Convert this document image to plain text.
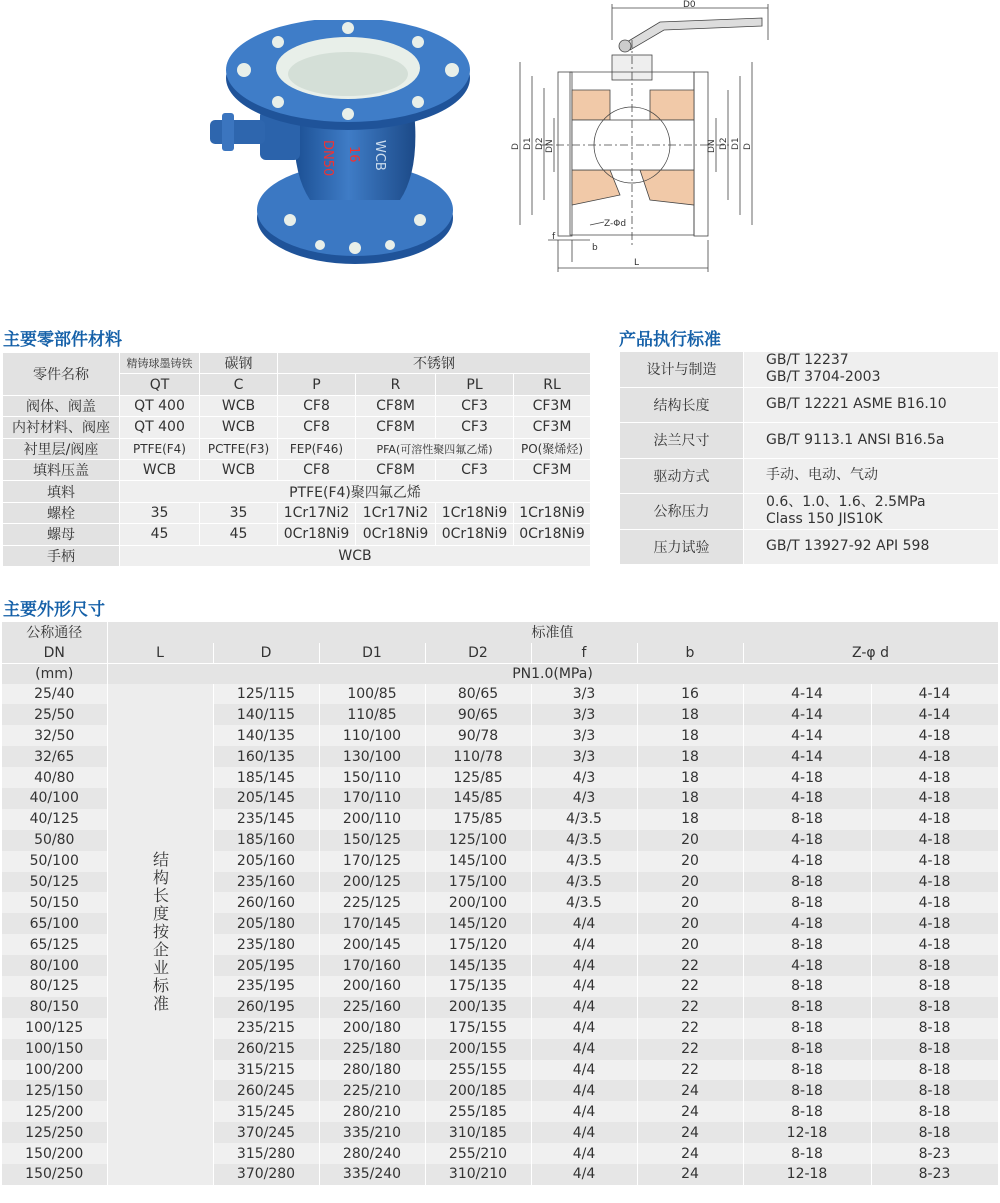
DN50 16 WCB
D0
D D1 D2 DN	DN D2 D1 D
Z-Φd
f
b
L
主要零部件材料	产品执行标准
主要外形尺寸
零件名称	精铸球墨铸铁	碳钢	不锈钢			
	QT	C	P	R	PL	RL
阀体、阀盖	QT 400	WCB	CF8	CF8M	CF3	CF3M
内衬材料、阀座	QT 400	WCB	CF8	CF8M	CF3	CF3M
衬里层/阀座	PTFE(F4)	PCTFE(F3)	FEP(F46)	PFA(可溶性聚四氟乙烯)		PO(聚烯烃)
填料压盖	WCB	WCB	CF8	CF8M	CF3	CF3M
填料	PTFE(F4)聚四氟乙烯					
螺栓	35	35	1Cr17Ni2	1Cr17Ni2	1Cr18Ni9	1Cr18Ni9
螺母	45	45	0Cr18Ni9	0Cr18Ni9	0Cr18Ni9	0Cr18Ni9
手柄	WCB					
设计与制造	GB/T 12237
GB/T 3704-2003

结构长度	GB/T 12221 ASME B16.10

法兰尺寸	GB/T 9113.1 ANSI B16.5a

驱动方式	手动、电动、气动

公称压力	0.6、1.0、1.6、2.5MPa
Class 150 JIS10K

压力试验	GB/T 13927-92 API 598
公称通径	标准值							
DN	L	D	D1	D2	f	b	Z-φ d	
(mm)	PN1.0(MPa)							
25/40	结构长度按企业标准	125/115	100/85	80/65	3/3	16	4-14	4-14
25/50		140/115	110/85	90/65	3/3	18	4-14	4-14
32/50		140/135	110/100	90/78	3/3	18	4-14	4-18
32/65		160/135	130/100	110/78	3/3	18	4-14	4-18
40/80		185/145	150/110	125/85	4/3	18	4-18	4-18
40/100		205/145	170/110	145/85	4/3	18	4-18	4-18
40/125		235/145	200/110	175/85	4/3.5	18	8-18	4-18
50/80		185/160	150/125	125/100	4/3.5	20	4-18	4-18
50/100		205/160	170/125	145/100	4/3.5	20	4-18	4-18
50/125		235/160	200/125	175/100	4/3.5	20	8-18	4-18
50/150		260/160	225/125	200/100	4/3.5	20	8-18	4-18
65/100		205/180	170/145	145/120	4/4	20	4-18	4-18
65/125		235/180	200/145	175/120	4/4	20	8-18	4-18
80/100		205/195	170/160	145/135	4/4	22	4-18	8-18
80/125		235/195	200/160	175/135	4/4	22	8-18	8-18
80/150		260/195	225/160	200/135	4/4	22	8-18	8-18
100/125		235/215	200/180	175/155	4/4	22	8-18	8-18
100/150		260/215	225/180	200/155	4/4	22	8-18	8-18
100/200		315/215	280/180	255/155	4/4	22	8-18	8-18
125/150		260/245	225/210	200/185	4/4	24	8-18	8-18
125/200		315/245	280/210	255/185	4/4	24	8-18	8-18
125/250		370/245	335/210	310/185	4/4	24	12-18	8-18
150/200		315/280	280/240	255/210	4/4	24	8-18	8-23
150/250		370/280	335/240	310/210	4/4	24	12-18	8-23
